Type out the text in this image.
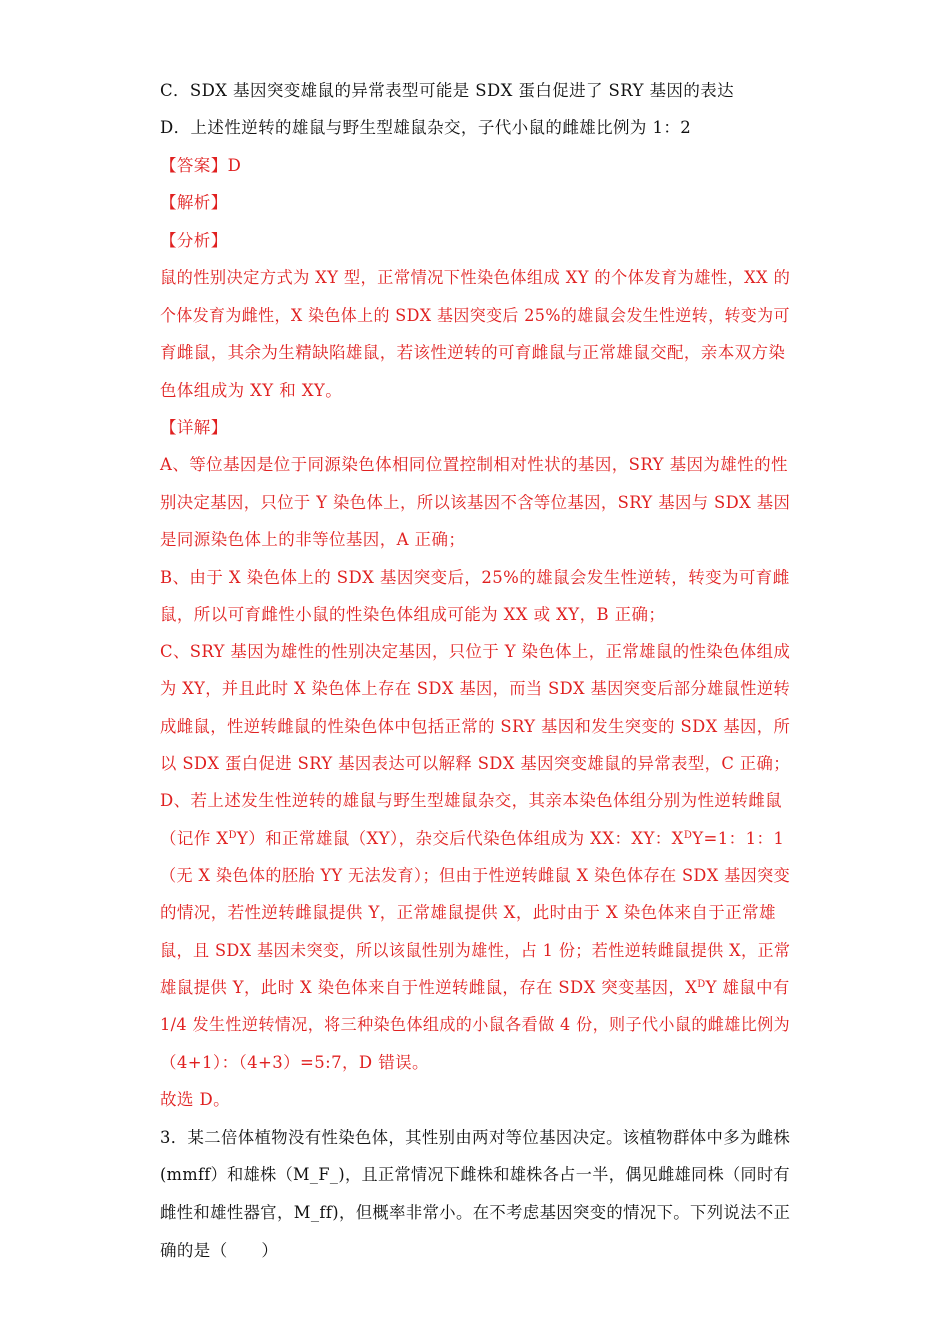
C．SDX 基因突变雄鼠的异常表型可能是 SDX 蛋白促进了 SRY 基因的表达
D．上述性逆转的雄鼠与野生型雄鼠杂交，子代小鼠的雌雄比例为 1：2
【答案】D
【解析】
【分析】
鼠的性别决定方式为 XY 型，正常情况下性染色体组成 XY 的个体发育为雄性，XX 的
个体发育为雌性，X 染色体上的 SDX 基因突变后 25%的雄鼠会发生性逆转，转变为可
育雌鼠，其余为生精缺陷雄鼠，若该性逆转的可育雌鼠与正常雄鼠交配，亲本双方染
色体组成为 XY 和 XY。
【详解】
A、等位基因是位于同源染色体相同位置控制相对性状的基因，SRY 基因为雄性的性
别决定基因，只位于 Y 染色体上，所以该基因不含等位基因，SRY 基因与 SDX 基因
是同源染色体上的非等位基因，A 正确；
B、由于 X 染色体上的 SDX 基因突变后，25%的雄鼠会发生性逆转，转变为可育雌
鼠，所以可育雌性小鼠的性染色体组成可能为 XX 或 XY，B 正确；
C、SRY 基因为雄性的性别决定基因，只位于 Y 染色体上，正常雄鼠的性染色体组成
为 XY，并且此时 X 染色体上存在 SDX 基因，而当 SDX 基因突变后部分雄鼠性逆转
成雌鼠，性逆转雌鼠的性染色体中包括正常的 SRY 基因和发生突变的 SDX 基因，所
以 SDX 蛋白促进 SRY 基因表达可以解释 SDX 基因突变雄鼠的异常表型，C 正确；
D、若上述发生性逆转的雄鼠与野生型雄鼠杂交，其亲本染色体组分别为性逆转雌鼠
（记作 $X^DY$）和正常雄鼠（XY），杂交后代染色体组成为 XX：XY：$X^DY=1$：1：1
（无 X 染色体的胚胎 YY 无法发育）；但由于性逆转雌鼠 X 染色体存在 SDX 基因突变
的情况，若性逆转雌鼠提供 Y，正常雄鼠提供 X，此时由于 X 染色体来自于正常雄
鼠，且 SDX 基因未突变，所以该鼠性别为雄性，占 1 份；若性逆转雌鼠提供 X，正常
雄鼠提供 Y，此时 X 染色体来自于性逆转雌鼠，存在 SDX 突变基因，$X^DY$ 雄鼠中有
1/4 发生性逆转情况，将三种染色体组成的小鼠各看做 4 份，则子代小鼠的雌雄比例为
（4+1）：（4+3）=5:7，D 错误。
故选 D。
3．某二倍体植物没有性染色体，其性别由两对等位基因决定。该植物群体中多为雌株
(mmff）和雄株（M_F_)，且正常情况下雌株和雄株各占一半，偶见雌雄同株（同时有
雌性和雄性器官，M_ff)，但概率非常小。在不考虑基因突变的情况下。下列说法不正
确的是（　　）
